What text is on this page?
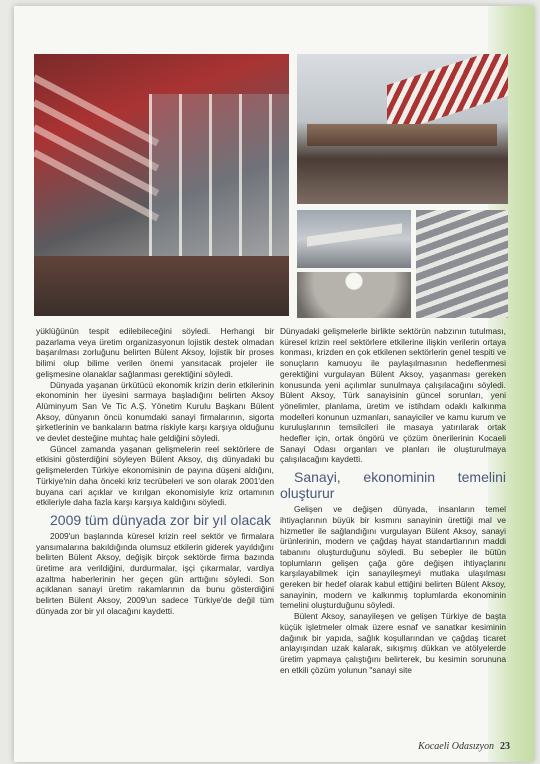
yüklüğünün tespit edilebileceğini söyledi. Herhangi bir pazarlama veya üretim organizasyonun lojistik destek olmadan başarılması zorluğunu belirten Bülent Aksoy, lojistik bir proses bilimi olup bilime verilen önemi yansıtacak projeler ile gelişmesine olanaklar sağlanması gerektiğini söyledi.

Dünyada yaşanan ürkütücü ekonomik krizin derin etkilerinin ekonominin her üyesini sarmaya başladığını belirten Aksoy Alüminyum San Ve Tic A.Ş. Yönetim Kurulu Başkanı Bülent Aksoy, dünyanın öncü konumdaki sanayi firmalarının, sigorta şirketlerinin ve bankaların batma riskiyle karşı karşıya olduğunu ve devlet desteğine muhtaç hale geldiğini söyledi.

Güncel zamanda yaşanan gelişmelerin reel sektörlere de etkisini gösterdiğini söyleyen Bülent Aksoy, dış dünyadaki bu gelişmelerden Türkiye ekonomisinin de payına düşeni aldığını, Türkiye'nin daha önceki kriz tecrübeleri ve son olarak 2001'den buyana cari açıklar ve kırılgan ekonomisiyle kriz ortamının etkileriyle daha fazla karşı karşıya kaldığını söyledi.

2009 tüm dünyada zor bir yıl olacak

2009'un başlarında küresel krizin reel sektör ve firmalara yansımalarına bakıldığında olumsuz etkilerin giderek yayıldığını belirten Bülent Aksoy, değişik birçok sektörde firma bazında üretime ara verildiğini, durdurmalar, işçi çıkarmalar, vardiya azaltma haberlerinin her geçen gün arttığını söyledi. Son açıklanan sanayi üretim rakamlarının da bunu gösterdiğini belirten Bülent Aksoy, 2009'un sadece Türkiye'de değil tüm dünyada zor bir yıl olacağını kaydetti.

Dünyadaki gelişmelerle birlikte sektörün nabzının tutulması, küresel krizin reel sektörlere etkilerine ilişkin verilerin ortaya konması, krizden en çok etkilenen sektörlerin genel tespiti ve sonuçların kamuoyu ile paylaşılmasının hedeflenmesi gerektiğini vurgulayan Bülent Aksoy, yaşanması gereken konusunda yeni açılımlar sunulmaya çalışılacağını söyledi. Bülent Aksoy, Türk sanayisinin güncel sorunları, yeni yönelimler, planlama, üretim ve istihdam odaklı kalkınma modelleri konunun uzmanları, sanayiciler ve kamu kurum ve kuruluşlarının temsilcileri ile masaya yatırılarak ortak hedefler için, ortak öngörü ve çözüm önerilerinin Kocaeli Sanayi Odası organları ve planları ile oluşturulmaya çalışılacağını kaydetti.

Sanayi, ekonominin temelini oluşturur

Gelişen ve değişen dünyada, insanların temel ihtiyaçlarının büyük bir kısmını sanayinin ürettiği mal ve hizmetler ile sağlandığını vurgulayan Bülent Aksoy, sanayi ürünlerinin, modern ve çağdaş hayat standartlarının maddi tabanını oluşturduğunu söyledi. Bu sebepler ile bütün toplumların gelişen çağa göre değişen ihtiyaçlarını karşılayabilmek için sanayileşmeyi mutlaka ulaşılması gereken bir hedef olarak kabul ettiğini belirten Bülent Aksoy, sanayinin, modern ve kalkınmış toplumlarda ekonominin temelini oluşturduğunu söyledi.

Bülent Aksoy, sanayileşen ve gelişen Türkiye de başta küçük işletmeler olmak üzere esnaf ve sanatkar kesiminin dağınık bir yapıda, sağlık koşullarından ve çağdaş ticaret anlayışından uzak kalarak, sıkışmış dükkan ve atölyelerde üretim yapmaya çalıştığını belirterek, bu kesimin sorununa en etkili çözüm yolunun "sanayi site

Kocaeli Odasızyon 23
